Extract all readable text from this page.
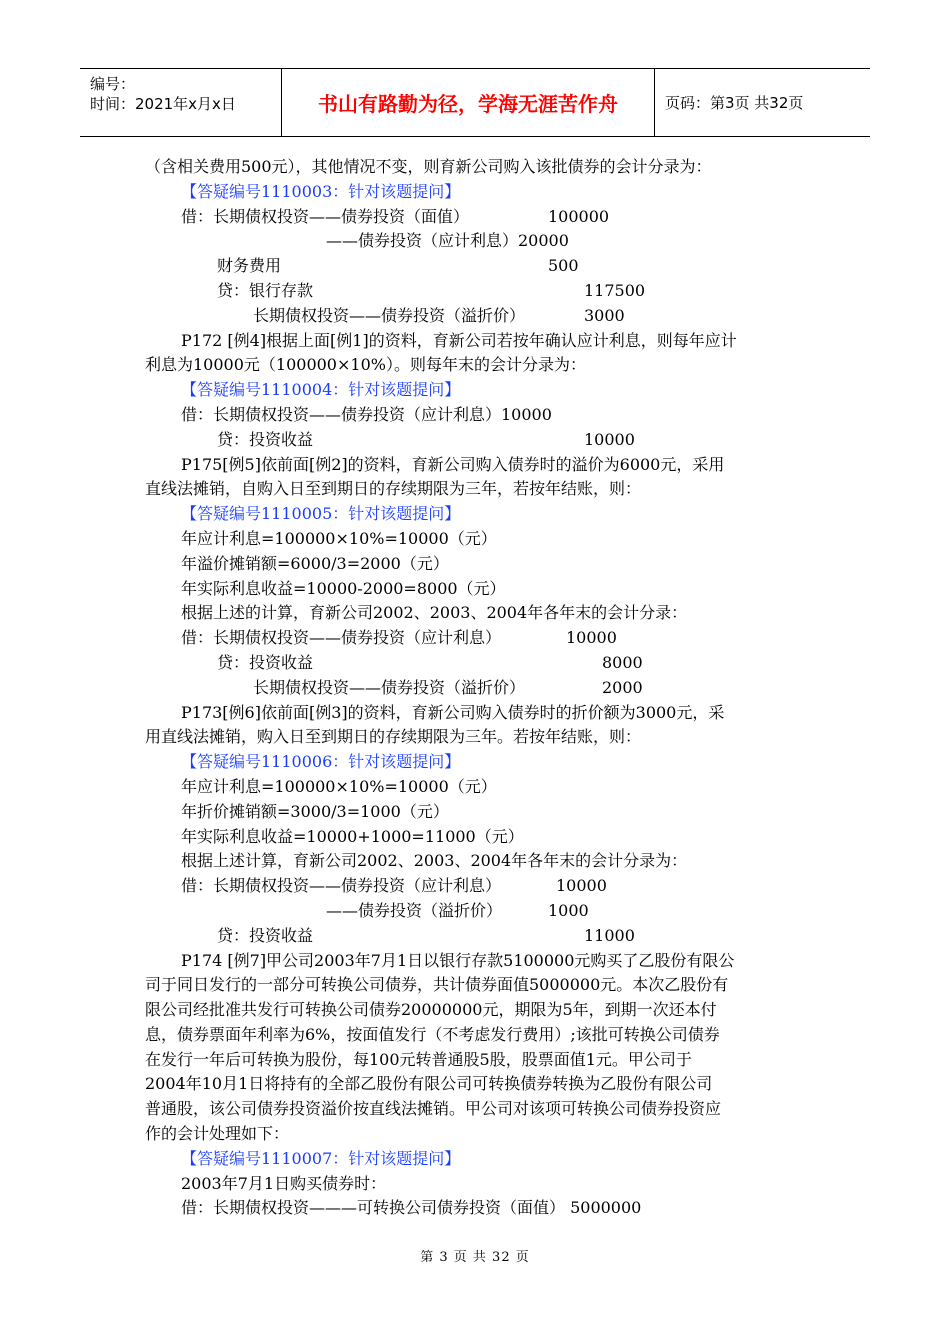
编号：
时间：2021年x月x日	书山有路勤为径，学海无涯苦作舟	页码：第3页 共32页
（含相关费用500元），其他情况不变，则育新公司购入该批债券的会计分录为：
【答疑编号1110003：针对该题提问】
借：长期债权投资——债券投资（面值）	100000
——债券投资（应计利息）20000
财务费用	500
贷：银行存款	117500
长期债权投资——债券投资（溢折价）	3000
P172 [例4]根据上面[例1]的资料，育新公司若按年确认应计利息，则每年应计
利息为10000元（100000×10%）。则每年末的会计分录为：
【答疑编号1110004：针对该题提问】
借：长期债权投资——债券投资（应计利息）10000
贷：投资收益	10000
P175[例5]依前面[例2]的资料，育新公司购入债券时的溢价为6000元，采用
直线法摊销，自购入日至到期日的存续期限为三年，若按年结账，则：
【答疑编号1110005：针对该题提问】
年应计利息=100000×10%=10000（元）
年溢价摊销额=6000/3=2000（元）
年实际利息收益=10000-2000=8000（元）
根据上述的计算，育新公司2002、2003、2004年各年末的会计分录：
借：长期债权投资——债券投资（应计利息）	10000
贷：投资收益	8000
长期债权投资——债券投资（溢折价）	2000
P173[例6]依前面[例3]的资料，育新公司购入债券时的折价额为3000元，采
用直线法摊销，购入日至到期日的存续期限为三年。若按年结账，则：
【答疑编号1110006：针对该题提问】
年应计利息=100000×10%=10000（元）
年折价摊销额=3000/3=1000（元）
年实际利息收益=10000+1000=11000（元）
根据上述计算，育新公司2002、2003、2004年各年末的会计分录为：
借：长期债权投资——债券投资（应计利息）	10000
——债券投资（溢折价）	1000
贷：投资收益	11000
P174 [例7]甲公司2003年7月1日以银行存款5100000元购买了乙股份有限公
司于同日发行的一部分可转换公司债券，共计债券面值5000000元。本次乙股份有
限公司经批准共发行可转换公司债券20000000元，期限为5年，到期一次还本付
息，债券票面年利率为6%，按面值发行（不考虑发行费用）;该批可转换公司债券
在发行一年后可转换为股份，每100元转普通股5股，股票面值1元。甲公司于
2004年10月1日将持有的全部乙股份有限公司可转换债券转换为乙股份有限公司
普通股，该公司债券投资溢价按直线法摊销。甲公司对该项可转换公司债券投资应
作的会计处理如下：
【答疑编号1110007：针对该题提问】
2003年7月1日购买债券时：
借：长期债权投资———可转换公司债券投资（面值） 5000000
第 3 页 共 32 页
